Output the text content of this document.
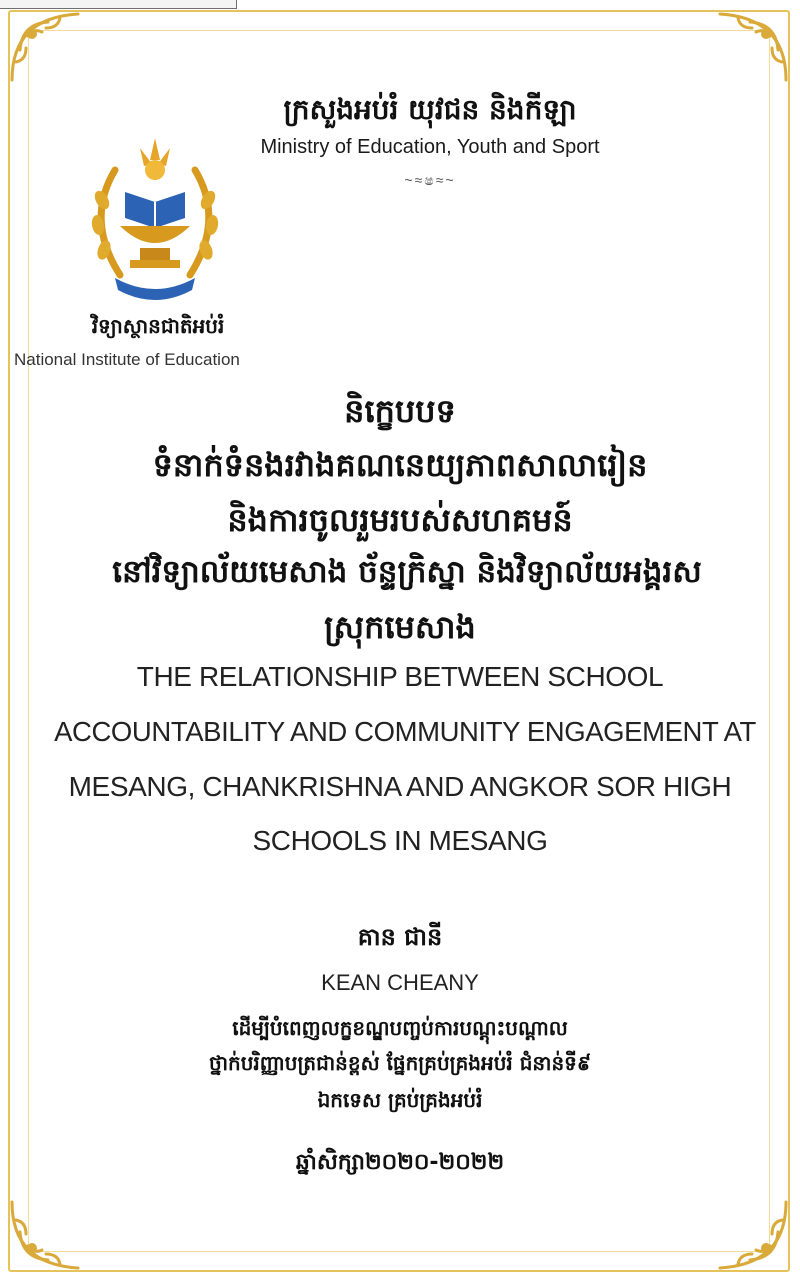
ក្រសួងអប់រំ យុវជន និងកីឡា
Ministry of Education, Youth and Sport
~≈ෂ≈~
វិទ្យាស្ថានជាតិអប់រំ
National Institute of Education
និក្ខេបបទ
ទំនាក់ទំនងរវាងគណនេយ្យភាពសាលារៀន
និងការចូលរួមរបស់សហគមន៍
នៅវិទ្យាល័យមេសាង ច័ន្ទក្រិស្នា និងវិទ្យាល័យអង្គរស
ស្រុកមេសាង
THE RELATIONSHIP BETWEEN SCHOOL
ACCOUNTABILITY AND COMMUNITY ENGAGEMENT AT
MESANG, CHANKRISHNA AND ANGKOR SOR HIGH
SCHOOLS IN MESANG
គាន ជានី
KEAN CHEANY
ដើម្បីបំពេញលក្ខខណ្ឌបញ្ចប់ការបណ្តុះបណ្តាល
ថ្នាក់បរិញ្ញាបត្រជាន់ខ្ពស់ ផ្នែកគ្រប់គ្រងអប់រំ ជំនាន់ទី៩
ឯកទេស គ្រប់គ្រងអប់រំ
ឆ្នាំសិក្សា២០២០-២០២២
